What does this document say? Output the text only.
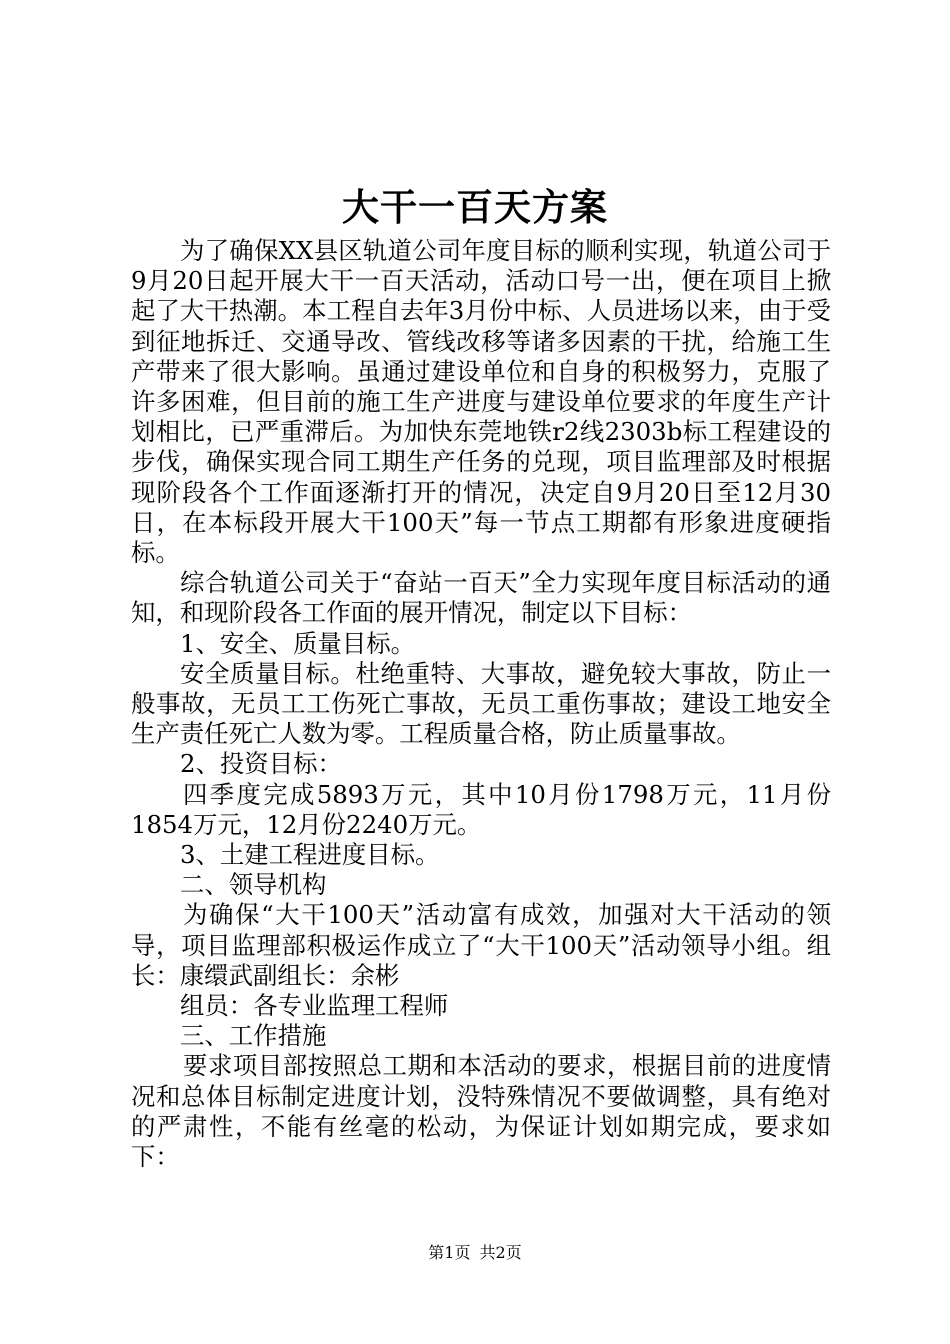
大干一百天方案

为了确保XX县区轨道公司年度目标的顺利实现，轨道公司于9月20日起开展大干一百天活动，活动口号一出，便在项目上掀起了大干热潮。本工程自去年3月份中标、人员进场以来，由于受到征地拆迁、交通导改、管线改移等诸多因素的干扰，给施工生产带来了很大影响。虽通过建设单位和自身的积极努力，克服了许多困难，但目前的施工生产进度与建设单位要求的年度生产计划相比，已严重滞后。为加快东莞地铁r2线2303b标工程建设的步伐，确保实现合同工期生产任务的兑现，项目监理部及时根据现阶段各个工作面逐渐打开的情况，决定自9月20日至12月30日，在本标段开展大干100天”每一节点工期都有形象进度硬指标。

综合轨道公司关于“奋站一百天”全力实现年度目标活动的通知，和现阶段各工作面的展开情况，制定以下目标：

1、安全、质量目标。

安全质量目标。杜绝重特、大事故，避免较大事故，防止一般事故，无员工工伤死亡事故，无员工重伤事故；建设工地安全生产责任死亡人数为零。工程质量合格，防止质量事故。

2、投资目标：

四季度完成5893万元，其中10月份1798万元，11月份1854万元，12月份2240万元。

3、土建工程进度目标。

二、领导机构

为确保“大干100天”活动富有成效，加强对大干活动的领导，项目监理部积极运作成立了“大干100天”活动领导小组。组长：康缳武副组长：余彬

组员：各专业监理工程师

三、工作措施

要求项目部按照总工期和本活动的要求，根据目前的进度情况和总体目标制定进度计划，没特殊情况不要做调整，具有绝对的严肃性，不能有丝毫的松动，为保证计划如期完成，要求如下：

第1页 共2页
